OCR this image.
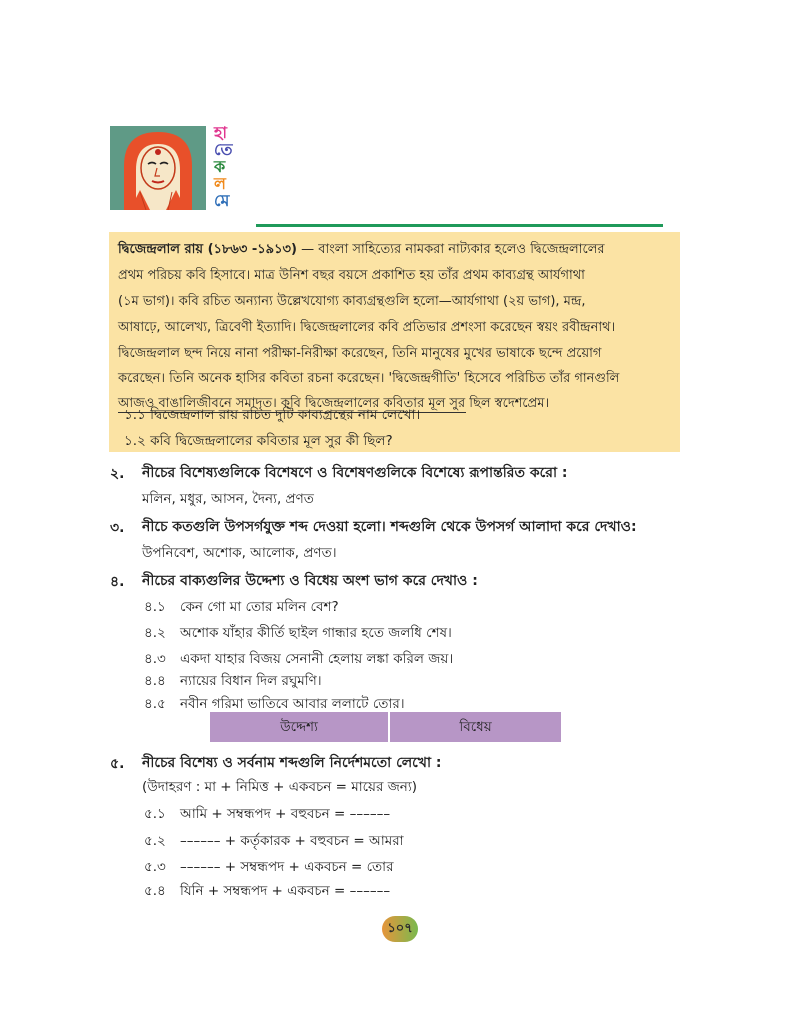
হা
তে
ক
ল
মে
দ্বিজেন্দ্রলাল রায় (১৮৬৩ -১৯১৩) — বাংলা সাহিত্যের নামকরা নাট্যকার হলেও দ্বিজেন্দ্রলালের
প্রথম পরিচয় কবি হিসাবে। মাত্র উনিশ বছর বয়সে প্রকাশিত হয় তাঁর প্রথম কাব্যগ্রন্থ আর্যগাথা
(১ম ভাগ)। কবি রচিত অন্যান্য উল্লেখযোগ্য কাব্যগ্রন্থগুলি হলো—আর্যগাথা (২য় ভাগ), মন্দ্র,
আষাঢ়ে, আলেখ্য, ত্রিবেণী ইত্যাদি। দ্বিজেন্দ্রলালের কবি প্রতিভার প্রশংসা করেছেন স্বয়ং রবীন্দ্রনাথ।
দ্বিজেন্দ্রলাল ছন্দ নিয়ে নানা পরীক্ষা-নিরীক্ষা করেছেন, তিনি মানুষের মুখের ভাষাকে ছন্দে প্রয়োগ
করেছেন। তিনি অনেক হাসির কবিতা রচনা করেছেন। 'দ্বিজেন্দ্রগীতি' হিসেবে পরিচিত তাঁর গানগুলি
আজও বাঙালিজীবনে সমাদৃত। কবি দ্বিজেন্দ্রলালের কবিতার মূল সুর ছিল স্বদেশপ্রেম।
১.১ দ্বিজেন্দ্রলাল রায় রচিত দুটি কাব্যগ্রন্থের নাম লেখো।
১.২ কবি দ্বিজেন্দ্রলালের কবিতার মূল সুর কী ছিল?
২. নীচের বিশেষ্যগুলিকে বিশেষণে ও বিশেষণগুলিকে বিশেষ্যে রূপান্তরিত করো :
মলিন, মধুর, আসন, দৈন্য, প্রণত
৩. নীচে কতগুলি উপসর্গযুক্ত শব্দ দেওয়া হলো। শব্দগুলি থেকে উপসর্গ আলাদা করে দেখাও:
উপনিবেশ, অশোক, আলোক, প্রণত।
৪. নীচের বাক্যগুলির উদ্দেশ্য ও বিধেয় অংশ ভাগ করে দেখাও :
৪.১ কেন গো মা তোর মলিন বেশ?
৪.২ অশোক যাঁহার কীর্তি ছাইল গান্ধার হতে জলধি শেষ।
৪.৩ একদা যাহার বিজয় সেনানী হেলায় লঙ্কা করিল জয়।
৪.৪ ন্যায়ের বিধান দিল রঘুমণি।
৪.৫ নবীন গরিমা ভাতিবে আবার ললাটে তোর।
উদ্দেশ্য	বিধেয়
৫. নীচের বিশেষ্য ও সর্বনাম শব্দগুলি নির্দেশমতো লেখো :
(উদাহরণ : মা + নিমিত্ত + একবচন = মায়ের জন্য)
৫.১ আমি + সম্বন্ধপদ + বহুবচন = ––––––
৫.২ –––––– + কর্তৃকারক + বহুবচন = আমরা
৫.৩ –––––– + সম্বন্ধপদ + একবচন = তোর
৫.৪ যিনি + সম্বন্ধপদ + একবচন = ––––––
১০৭
